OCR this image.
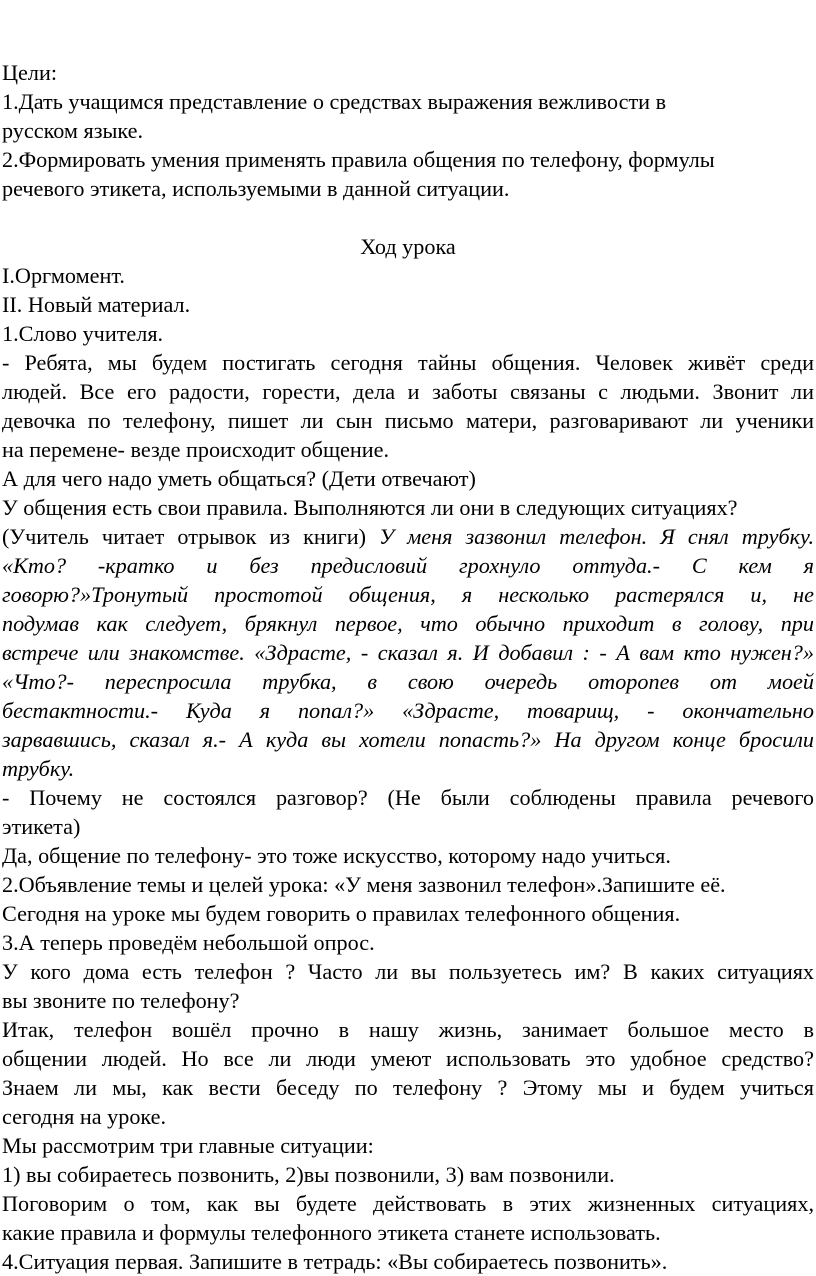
Цели:
1.Дать учащимся представление о средствах выражения вежливости в
русском языке.
2.Формировать умения применять правила общения по телефону, формулы
речевого этикета, используемыми в данной ситуации.
Ход урока
I.Оргмомент.
II. Новый материал.
1.Слово учителя.
- Ребята, мы будем постигать сегодня тайны общения. Человек живёт среди
людей. Все его радости, горести, дела и заботы связаны с людьми. Звонит ли
девочка по телефону, пишет ли сын письмо матери, разговаривают ли ученики
на перемене- везде происходит общение.
А для чего надо уметь общаться? (Дети отвечают)
У общения есть свои правила. Выполняются ли они в следующих ситуациях?
(Учитель читает отрывок из книги) У меня зазвонил телефон. Я снял трубку.
«Кто? -кратко и без предисловий грохнуло оттуда.- С кем я
говорю?»Тронутый простотой общения, я несколько растерялся и, не
подумав как следует, брякнул первое, что обычно приходит в голову, при
встрече или знакомстве. «Здрасте, - сказал я. И добавил : - А вам кто нужен?»
«Что?- переспросила трубка, в свою очередь оторопев от моей
бестактности.- Куда я попал?» «Здрасте, товарищ, - окончательно
зарвавшись, сказал я.- А куда вы хотели попасть?» На другом конце бросили
трубку.
- Почему не состоялся разговор? (Не были соблюдены правила речевого
этикета)
Да, общение по телефону- это тоже искусство, которому надо учиться.
2.Объявление темы и целей урока: «У меня зазвонил телефон».Запишите её.
Сегодня на уроке мы будем говорить о правилах телефонного общения.
3.А теперь проведём небольшой опрос.
У кого дома есть телефон ? Часто ли вы пользуетесь им? В каких ситуациях
вы звоните по телефону?
Итак, телефон вошёл прочно в нашу жизнь, занимает большое место в
общении людей. Но все ли люди умеют использовать это удобное средство?
Знаем ли мы, как вести беседу по телефону ? Этому мы и будем учиться
сегодня на уроке.
Мы рассмотрим три главные ситуации:
1) вы собираетесь позвонить, 2)вы позвонили, 3) вам позвонили.
Поговорим о том, как вы будете действовать в этих жизненных ситуациях,
какие правила и формулы телефонного этикета станете использовать.
4.Ситуация первая. Запишите в тетрадь: «Вы собираетесь позвонить».
